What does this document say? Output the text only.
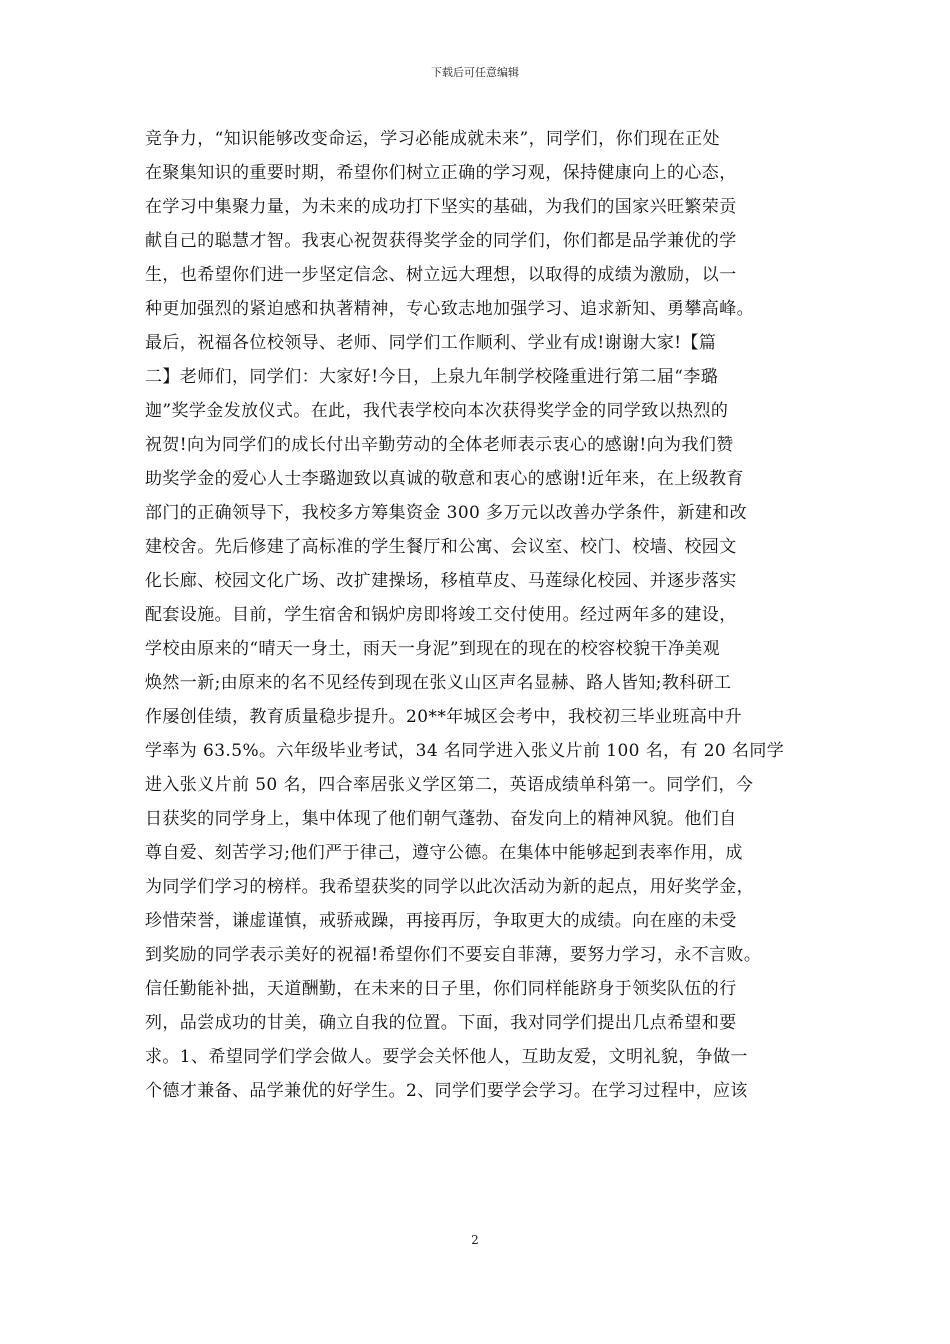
下载后可任意编辑
竞争力，“知识能够改变命运，学习必能成就未来”，同学们，你们现在正处
在聚集知识的重要时期，希望你们树立正确的学习观，保持健康向上的心态，
在学习中集聚力量，为未来的成功打下坚实的基础，为我们的国家兴旺繁荣贡
献自己的聪慧才智。我衷心祝贺获得奖学金的同学们，你们都是品学兼优的学
生，也希望你们进一步坚定信念、树立远大理想，以取得的成绩为激励，以一
种更加强烈的紧迫感和执著精神，专心致志地加强学习、追求新知、勇攀高峰。
最后，祝福各位校领导、老师、同学们工作顺利、学业有成!谢谢大家!【篇
二】老师们，同学们：大家好!今日，上泉九年制学校隆重进行第二届“李璐
迦”奖学金发放仪式。在此，我代表学校向本次获得奖学金的同学致以热烈的
祝贺!向为同学们的成长付出辛勤劳动的全体老师表示衷心的感谢!向为我们赞
助奖学金的爱心人士李璐迦致以真诚的敬意和衷心的感谢!近年来，在上级教育
部门的正确领导下，我校多方筹集资金 300 多万元以改善办学条件，新建和改
建校舍。先后修建了高标准的学生餐厅和公寓、会议室、校门、校墙、校园文
化长廊、校园文化广场、改扩建操场，移植草皮、马莲绿化校园、并逐步落实
配套设施。目前，学生宿舍和锅炉房即将竣工交付使用。经过两年多的建设，
学校由原来的“晴天一身土，雨天一身泥”到现在的现在的校容校貌干净美观
焕然一新;由原来的名不见经传到现在张义山区声名显赫、路人皆知;教科研工
作屡创佳绩，教育质量稳步提升。20**年城区会考中，我校初三毕业班高中升
学率为 63.5%。六年级毕业考试，34 名同学进入张义片前 100 名，有 20 名同学
进入张义片前 50 名，四合率居张义学区第二，英语成绩单科第一。同学们，今
日获奖的同学身上，集中体现了他们朝气蓬勃、奋发向上的精神风貌。他们自
尊自爱、刻苦学习;他们严于律己，遵守公德。在集体中能够起到表率作用，成
为同学们学习的榜样。我希望获奖的同学以此次活动为新的起点，用好奖学金，
珍惜荣誉，谦虚谨慎，戒骄戒躁，再接再厉，争取更大的成绩。向在座的未受
到奖励的同学表示美好的祝福!希望你们不要妄自菲薄，要努力学习，永不言败。
信任勤能补拙，天道酬勤，在未来的日子里，你们同样能跻身于领奖队伍的行
列，品尝成功的甘美，确立自我的位置。下面，我对同学们提出几点希望和要
求。1、希望同学们学会做人。要学会关怀他人，互助友爱，文明礼貌，争做一
个德才兼备、品学兼优的好学生。2、同学们要学会学习。在学习过程中，应该
2
